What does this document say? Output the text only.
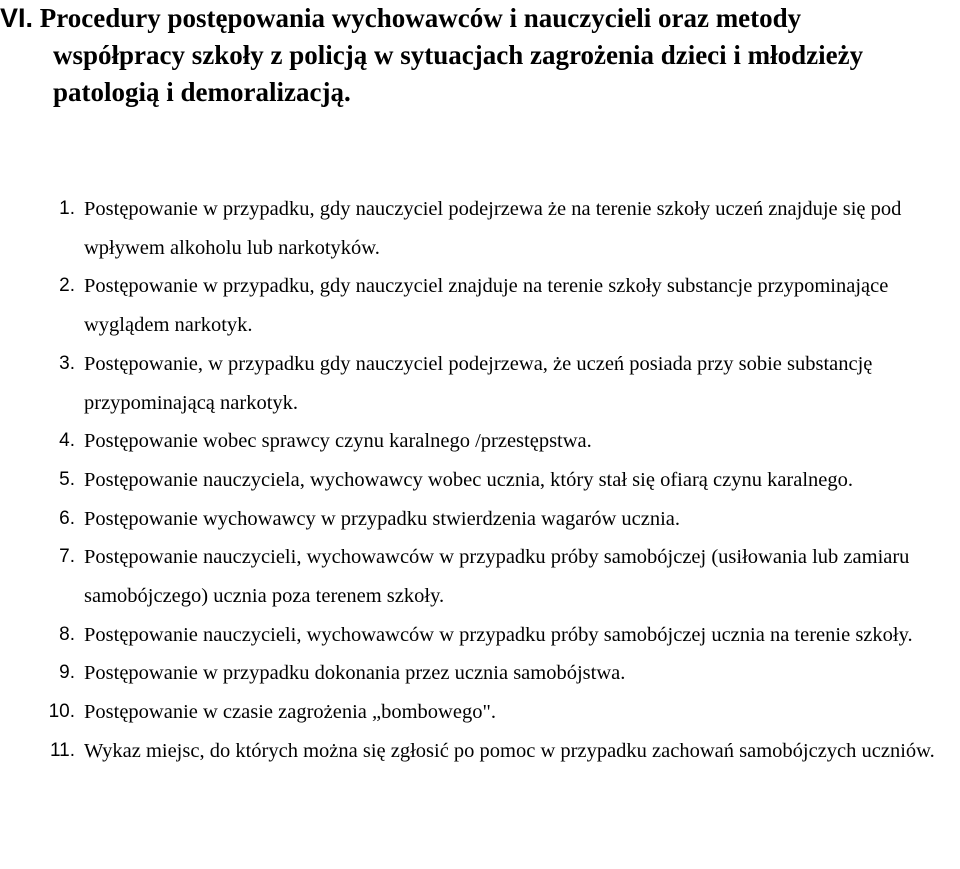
VI. Procedury postępowania wychowawców i nauczycieli oraz metody
współpracy szkoły z policją w sytuacjach zagrożenia dzieci i młodzieży
patologią i demoralizacją.
1. Postępowanie w przypadku, gdy nauczyciel podejrzewa że na terenie szkoły uczeń znajduje się pod wpływem alkoholu lub narkotyków.
2. Postępowanie w przypadku, gdy nauczyciel znajduje na terenie szkoły substancje przypominające wyglądem narkotyk.
3. Postępowanie, w przypadku gdy nauczyciel podejrzewa, że uczeń posiada przy sobie substancję przypominającą narkotyk.
4. Postępowanie wobec sprawcy czynu karalnego /przestępstwa.
5. Postępowanie nauczyciela, wychowawcy wobec ucznia, który stał się ofiarą czynu karalnego.
6. Postępowanie wychowawcy w przypadku stwierdzenia wagarów ucznia.
7. Postępowanie nauczycieli, wychowawców w przypadku próby samobójczej (usiłowania lub zamiaru samobójczego) ucznia poza terenem szkoły.
8. Postępowanie nauczycieli, wychowawców w przypadku próby samobójczej ucznia na terenie szkoły.
9. Postępowanie w przypadku dokonania przez ucznia samobójstwa.
10. Postępowanie w czasie zagrożenia „bombowego".
11. Wykaz miejsc, do których można się zgłosić po pomoc w przypadku zachowań samobójczych uczniów.
